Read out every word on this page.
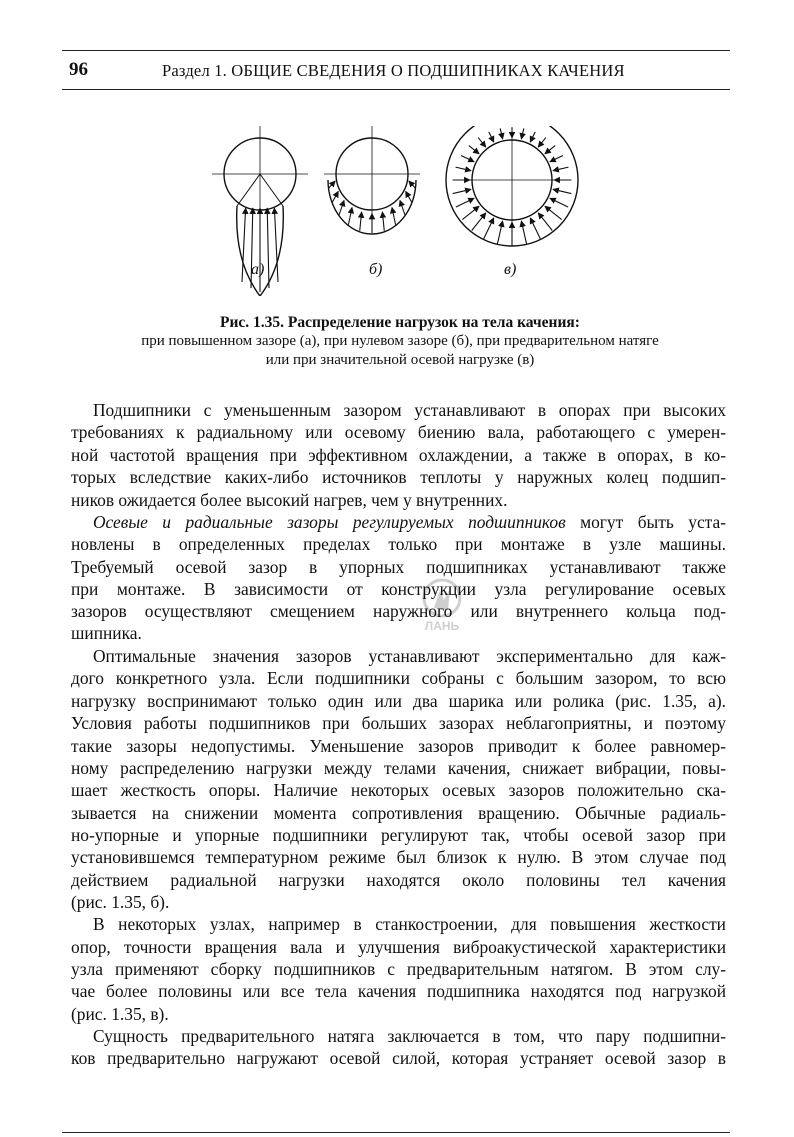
96	Раздел 1. ОБЩИЕ СВЕДЕНИЯ О ПОДШИПНИКАХ КАЧЕНИЯ
а)	б)	в)
ЛАНЬ
Рис. 1.35. Распределение нагрузок на тела качения:
при повышенном зазоре (а), при нулевом зазоре (б), при предварительном натяге
или при значительной осевой нагрузке (в)
Подшипники с уменьшенным зазором устанавливают в опорах при высоких
требованиях к радиальному или осевому биению вала, работающего с умерен-
ной частотой вращения при эффективном охлаждении, а также в опорах, в ко-
торых вследствие каких-либо источников теплоты у наружных колец подшип-
ников ожидается более высокий нагрев, чем у внутренних.
Осевые и радиальные зазоры регулируемых подшипников могут быть уста-
новлены в определенных пределах только при монтаже в узле машины.
Требуемый осевой зазор в упорных подшипниках устанавливают также
при монтаже. В зависимости от конструкции узла регулирование осевых
зазоров осуществляют смещением наружного или внутреннего кольца под-
шипника.
Оптимальные значения зазоров устанавливают экспериментально для каж-
дого конкретного узла. Если подшипники собраны с большим зазором, то всю
нагрузку воспринимают только один или два шарика или ролика (рис. 1.35, а).
Условия работы подшипников при больших зазорах неблагоприятны, и поэтому
такие зазоры недопустимы. Уменьшение зазоров приводит к более равномер-
ному распределению нагрузки между телами качения, снижает вибрации, повы-
шает жесткость опоры. Наличие некоторых осевых зазоров положительно ска-
зывается на снижении момента сопротивления вращению. Обычные радиаль-
но-упорные и упорные подшипники регулируют так, чтобы осевой зазор при
установившемся температурном режиме был близок к нулю. В этом случае под
действием радиальной нагрузки находятся около половины тел качения
(рис. 1.35, б).
В некоторых узлах, например в станкостроении, для повышения жесткости
опор, точности вращения вала и улучшения виброакустической характеристики
узла применяют сборку подшипников с предварительным натягом. В этом слу-
чае более половины или все тела качения подшипника находятся под нагрузкой
(рис. 1.35, в).
Сущность предварительного натяга заключается в том, что пару подшипни-
ков предварительно нагружают осевой силой, которая устраняет осевой зазор в
